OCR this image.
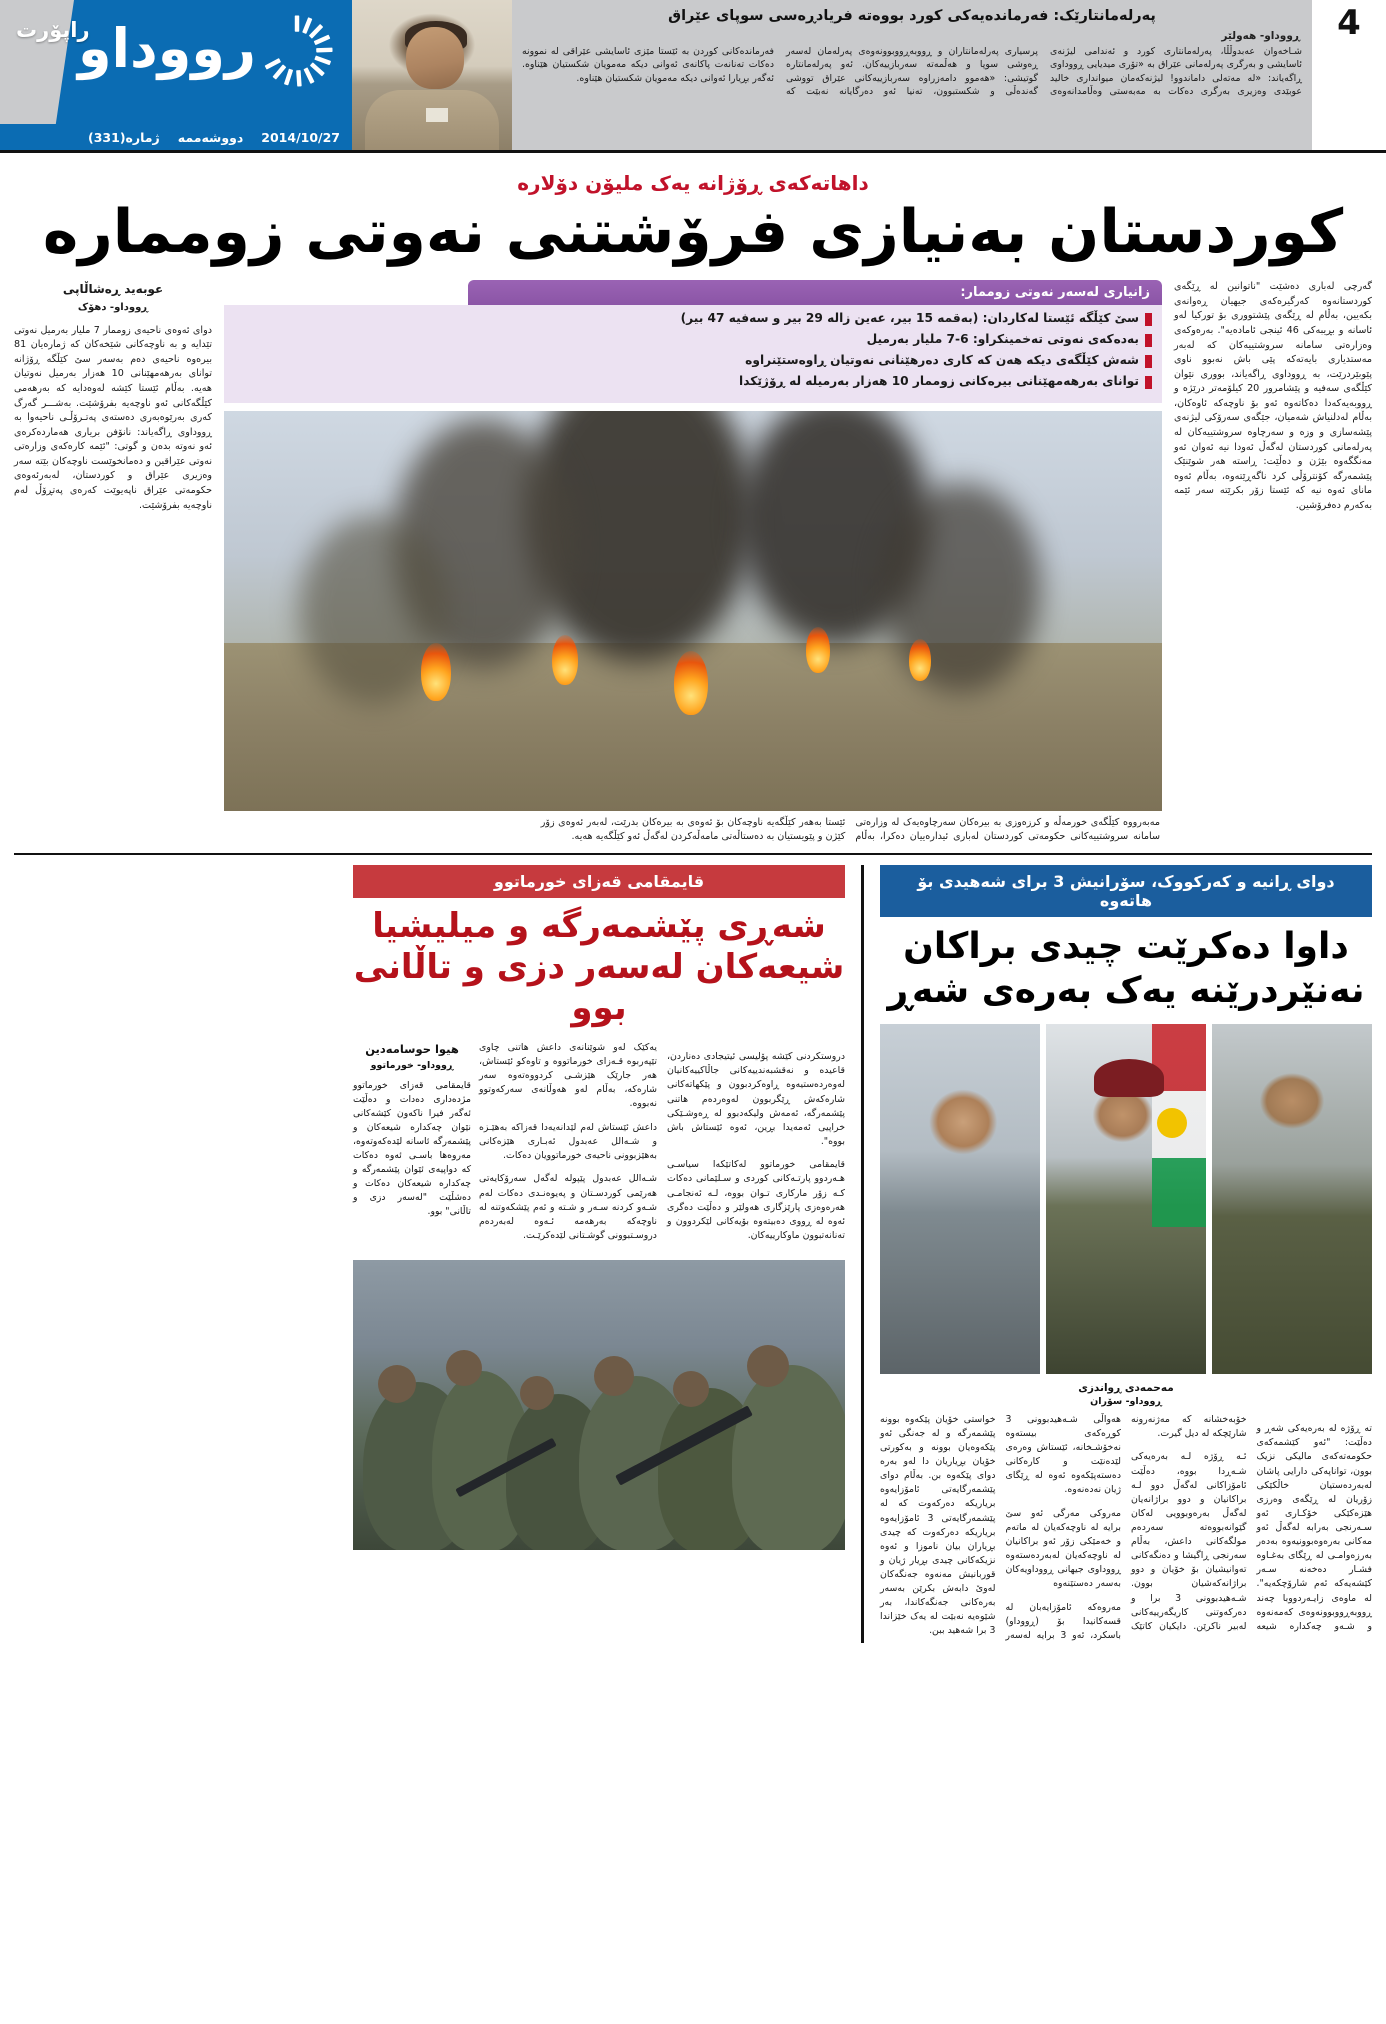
4
پەرلەمانتارێک: فەرماندەیەکی کورد بووەتە فریادڕەسی سوپای عێراق
ڕووداو- هەولێر
شـاخەوان عەبدوڵڵا، پەرلەمانتاری کورد و ئەندامی لیژنەی ئاسایشی و بەرگری پەرلەمانی عێراق بە «تۆری میدیایی ڕووداوی ڕاگەیاند: «لە مەتەلی داماندوو! لیژنەکەمان میوانداری خالید عوبێدی وەزیری بەرگری دەکات بە مەبەستی وەڵامدانەوەی پرسیاری پەرلەمانتاران و ڕووبەڕووبوونەوەی پەرلەمان لەسەر ڕەوشی سوپا و هەڵمەتە سەربازییەکان. ئەو پەرلەمانتارە گوتیشی: «هەموو دامەزراوە سەربازییەکانی عێراق تووشی گەندەڵی و شکستبوون، تەنیا ئەو دەرگایانە نەبێت کە فەرماندەکانی کوردن بە ئێستا مێزی ئاسایشی عێراقی لە نموونە دەکات تەنانەت پاکانەی ئەوانی دیکە مەمویان شکستیان هێناوە. ئەگەر بڕیارا ئەوانی دیکە مەمویان شکستیان هێناوە.
راپۆرت
رووداو
2014/10/27
دووشەممە
ژمارە(331)
داهاتەکەی ڕۆژانە یەک ملیۆن دۆلارە
کوردستان بەنیازی فرۆشتنی نەوتی زوممارە
گەرچی لەباری دەشێت "ناتوانین لە ڕێگەی کوردستانەوە کەرگیرەکەی جیهیان ڕەوانەی بکەیین، بەڵام لە ڕێگەی پێشتووری بۆ تورکیا لەو ئاسانە و بڕیبەکی 46 ئینجی ئامادەیە". بەرەوکەی وەزارەتی سامانە سروشتییەکان کە لەبەر مەستدیاری بایەتەکە پێی باش نەبوو ناوی پێوبێردرێت، بە ڕووداوی ڕاگەیاند، بووری نێوان کێڵگەی سەفیە و پێشامرور 20 کیلۆمەتر درێژە و ڕووبەیەکەدا دەکاتەوە ئەو بۆ ناوچەکە ئاوەکان، بەڵام لەدلنیاش شەمیان، جێگەی سەرۆکی لیژنەی پێشەسازی و وزە و سەرچاوە سروشتییەکان لە پەرلەمانی کوردستان لەگەڵ ئەودا نیە ئەوان ئەو مەنگگەوە بێژن و دەڵێت: ڕاستە هەر شوێنێک پێشمەرگە کۆنترۆڵی کرد ناگەڕێتەوە، بەڵام ئەوە مانای ئەوە نیە کە ئێستا زۆر بکرێتە سەر ئێمە بەکەرم دەفرۆشین.
زانیاری لەسەر نەوتی زوممار:
سێ کێڵگە ئێستا لەکاردان: (بەقمە 15 بیر، عەین زالە 29 بیر و سەفیە 47 بیر)
بەدەکەی نەوتی تەخمینکراو: 6-7 ملیار بەرمیل
شەش کێڵگەی دیکە هەن کە کاری دەرهێنانی نەوتیان ڕاوەستێنراوە
توانای بەرهەمهێنانی بیرەکانی زوممار 10 هەزار بەرمیلە لە ڕۆژێکدا
مەبەرووە کێڵگەی خورمەڵە و کرزەوزی بە بیرەکان سەرچاوەیەک لە وزارەتی سامانە سروشتییەکانی حکومەتی کوردستان لەباری ئیدارەییان دەکرا، بەڵام ئێستا بەهەر کێڵگەیە ناوچەکان بۆ ئەوەی بە بیرەکان بدرێت، لەبەر ئەوەی زۆر کێژن و پێویستیان بە دەستاڵەتی مامەڵەکردن لەگەڵ ئەو کێڵگەیە هەیە.
عوبەید ڕەشاڵاپی
ڕووداو- دهۆک
دوای ئەوەی ناحیەی زوممار 7 ملیار بەرمیل نەوتی تێدایە و بە ناوچەکانی شێخەکان کە ژمارەیان 81 بیرەوە ناحیەی دەم بەسەر سێ کێڵگە ڕۆژانە تواناى بەرهەمهێنانی 10 هەزار بەرمیل نەوتیان هەیە. بەڵام ئێستا کێشە لەوەدایە کە بەرهەمی کێڵگەکانی ئەو ناوچەیە بفرۆشێت. بەشـــر گەرگ کەری بەرێوەبەری دەستەی پەتـرۆڵـی ناحیەوا بە ڕووداوی ڕاگەیاند: نانۆفن بریاری هەماردەکرەی ئەو نەوتە بدەن و گوتی: "ئێمە کارەکەی وزارەتی نەوتی عێراقین و دەمانخوێست ناوچەکان بێتە سەر وەزیری عێراق و کوردستان، لەبەرئەوەی حکومەتی عێراق ناپەیوێت کەرەی پەتڕۆڵ لەم ناوچەیە بفرۆشێت.
دوای ڕانیە و کەرکووک، سۆرانیش 3 برای شەهیدی بۆ هاتەوە
داوا دەکرێت چیدی براکان نەنێردرێنە یەک بەرەی شەڕ
مەحمەدی ڕواندزی
ڕووداو- سۆران

تە ڕۆژە لە بەرەیەکی شەڕ و دەڵێت: "ئەو کێشمەکەی حکومەتەکەی مالیکی نزیک بوون، تواناپەکی دارایی پاشان لەبەردەستیان خاڵکێکی زۆریان لە ڕێگەی وەرزی هێزەکێکی خۆکـاری ئەو سـەرنجی بەرابە لەگەڵ ئەو مەکانی بەرەوەبوونیەوە بەدەر بەرزەوامـی لە ڕێگای بەغـاوە فشـار دەخەنە سـەر کێشەیەکە ئەم شارۆچکەیە". لە ماوەی زایـەردووبا چەند ڕووبەڕووبوونەوەی کەمەنەوە و شـەو چەکدارە شیعە خۆبەخشانە کە مەژنەرونە شارێچکە لە دیل گیرت.

ئـە ڕۆژە لـە بەرەیەکی شـەڕدا بووە، دەڵێت ئامۆزاکانی لەگەڵ دوو لـە براکانیان و دوو براژانەیان لەگەڵ بەرەوبوویی لەکان گێوانەبووەتە سەردەم مولگەکانی داعش، بەڵام سەرنجی ڕاگیشا و دەنگەکانی تەوانیشیان بۆ خۆیان و دوو براژانەکەشیان بوون. شـەهیدبوونی 3 برا و دەرکەوتنی کاریگەرییەکانی لەبیر ناکرێن. دایکیان کاتێک هەواڵی شـەهیدبوونی 3 کوڕەکەی بیستەوە نەخۆشـخانە، ئێستاش وەرەی لێدەنێت و کارەکانی دەستەپێکەوە ئەوە لە ڕێگای ژیان نەدەنەوە.

مەروکی مەرگی ئەو سێ برایە لە ناوچەکەیان لە ماتەم و خەمێکی زۆر ئەو براکانیان لە ناوچەکەیان لەبەردەستەوە ڕووداوی جیهانی ڕووداویەکان بەسەر دەستێنەوە

مەروەکە ئامۆزایەبان لە قسەکانیدا بۆ (ڕووداو) باسکرد، ئەو 3 برایە لەسەر خواستی خۆیان پێکەوە بوونە پێشمەرگە و لە جەنگی ئەو پێکەوەیان بوونە و بەکورتی خۆیان بڕیاریان دا لەو بەرە دوای پێکەوە بن. بەڵام دوای پێشمەرگایەتی ئامۆزایەوە بریاریکە دەرکەوت کە لە پێشمەرگایەتی 3 ئامۆزایەوە بریاریکە دەرکەوت کە چیدی بڕیاران بیان ناموزا و ئەوە نزیکەکانی چیدی بڕیار ژیان و قوربانیش مەنەوە جەنگەکان لەوێ دابەش بکرێن بەسەر بەرەکانی جەنگەکاندا، بەر شێوەیە نەبێت لە یەک خێزاندا 3 برا شەهید ببن.

قایمقامی قەزای خورماتوو
شەڕی پێشمەرگە و میلیشیا شیعەکان لەسەر دزی و تاڵانی بوو

دروستکردنی کێشە پۆلیسی ئیتیجادی دەناردن، قاعیدە و نەقشبەندییەکانی جاڵاکییەکانیان لەوەردەستیەوە ڕاوەکردبوون و پێکهاتەکانی شارەکەش ڕێگربوون لەوەردەم هاتنی پێشمەرگە، ئەمەش ولیکەدبوو لە ڕەوشـێکی خراپیی ئەمەیدا بڕین، ئەوە ئێستاش باش بووە".

قایمقامی خورماتوو لەکاتێکەا سیاسـی هـەردوو پارتـەکانی کوردی و سـلێمانی دەکات کـە زۆر مارکاری تـوان بووە، لـە ئەنجامـی هەرەوەزی پارێزگاری هەولێر و دەڵێت دەگری ئەوە لە ڕووی دەبیتەوە بۆیەکانی لێکردوون و تەنانەتبوون ماوکارییەکان.

یەکێک لەو شوێنانەی داعش هاتنی چاوی تێپەربوە قـەزای خورماتووە و تاوەکو ئێستاش، هەر جارێک هێزشـی کردووەتەوە سەر شارەکە، بەڵام لەو هەوڵانەی سەرکەوتوو نەبووە.

داعش ئێستاش لەم لێدانەیەدا قەزاکە بەهێـزە و شـەالل عەبدول ئەبـاری هێزەکانی بەهێزبوونی ناحیەی خورماتوویان دەکات.

شـەالل عەبدول پێپولە لەگەل سەرۆکایەتی هەرێمی کوردسـتان و پەیوەنـدی دەکات لەم شـەو کردنە سـەر و شـتە و ئەم پێشکەوتنە لە ناوچەکە بەرهەمە ئـەوە لەبەردەم دروسـتبوونی گوشـتانی لێدەکرێـت.

هیوا حوسامەدین
ڕووداو- خورماتوو
قایمقامی قەزای خورماتوو مژدەداری دەدات و دەڵێت ئەگەر فیرا ناکەون کێشەکانی نێوان چەکدارە شیعەکان و پێشمەرگە ئاسانە لێدەکەوتەوە، مەروەها باسـی ئەوە دەکات کە دواپیەی ئێوان پێشمەرگە و چەکدارە شیعەکان دەکات و دەشڵێت "لەسەر دزی و تاڵانی" بوو.
